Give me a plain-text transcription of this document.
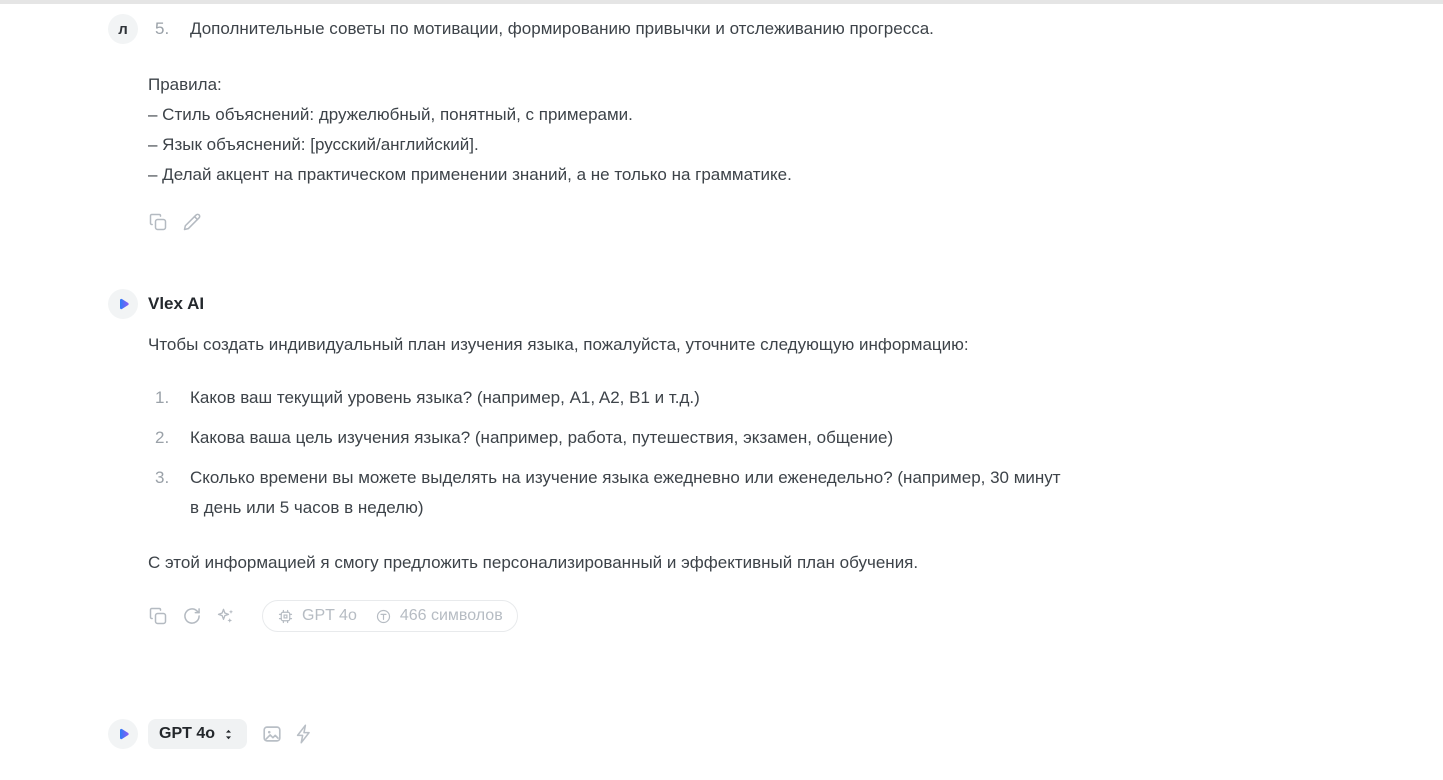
л	5.	Дополнительные советы по мотивации, формированию привычки и отслеживанию прогресса.
Правила:
– Стиль объяснений: дружелюбный, понятный, с примерами.
– Язык объяснений: [русский/английский].
– Делай акцент на практическом применении знаний, а не только на грамматике.
Vlex AI
Чтобы создать индивидуальный план изучения языка, пожалуйста, уточните следующую информацию:
1.	Каков ваш текущий уровень языка? (например, A1, A2, B1 и т.д.)
2.	Какова ваша цель изучения языка? (например, работа, путешествия, экзамен, общение)
3.	Сколько времени вы можете выделять на изучение языка ежедневно или еженедельно? (например, 30 минут в день или 5 часов в неделю)
С этой информацией я смогу предложить персонализированный и эффективный план обучения.
GPT 4o	466 символов
GPT 4o
